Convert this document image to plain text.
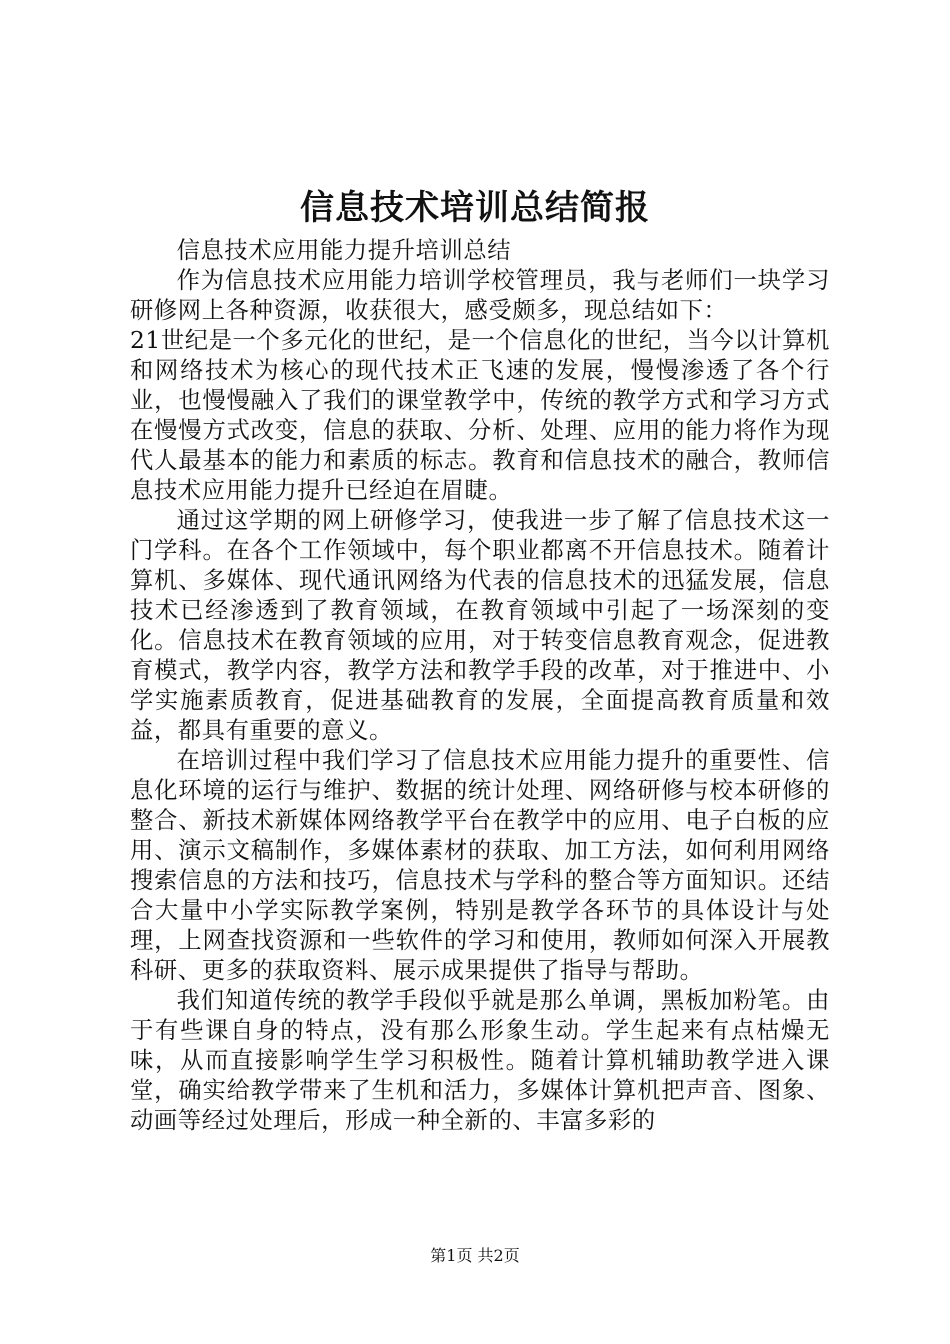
信息技术培训总结简报

信息技术应用能力提升培训总结

作为信息技术应用能力培训学校管理员，我与老师们一块学习研修网上各种资源，收获很大，感受颇多，现总结如下：

21世纪是一个多元化的世纪，是一个信息化的世纪，当今以计算机和网络技术为核心的现代技术正飞速的发展，慢慢渗透了各个行业，也慢慢融入了我们的课堂教学中，传统的教学方式和学习方式在慢慢方式改变，信息的获取、分析、处理、应用的能力将作为现代人最基本的能力和素质的标志。教育和信息技术的融合，教师信息技术应用能力提升已经迫在眉睫。

通过这学期的网上研修学习，使我进一步了解了信息技术这一门学科。在各个工作领域中，每个职业都离不开信息技术。随着计算机、多媒体、现代通讯网络为代表的信息技术的迅猛发展，信息技术已经渗透到了教育领域，在教育领域中引起了一场深刻的变化。信息技术在教育领域的应用，对于转变信息教育观念，促进教育模式，教学内容，教学方法和教学手段的改革，对于推进中、小学实施素质教育，促进基础教育的发展，全面提高教育质量和效益，都具有重要的意义。

在培训过程中我们学习了信息技术应用能力提升的重要性、信息化环境的运行与维护、数据的统计处理、网络研修与校本研修的整合、新技术新媒体网络教学平台在教学中的应用、电子白板的应用、演示文稿制作，多媒体素材的获取、加工方法，如何利用网络搜索信息的方法和技巧，信息技术与学科的整合等方面知识。还结合大量中小学实际教学案例，特别是教学各环节的具体设计与处理，上网查找资源和一些软件的学习和使用，教师如何深入开展教科研、更多的获取资料、展示成果提供了指导与帮助。

我们知道传统的教学手段似乎就是那么单调，黑板加粉笔。由于有些课自身的特点，没有那么形象生动。学生起来有点枯燥无味，从而直接影响学生学习积极性。随着计算机辅助教学进入课堂，确实给教学带来了生机和活力，多媒体计算机把声音、图象、动画等经过处理后，形成一种全新的、丰富多彩的

第1页 共2页
